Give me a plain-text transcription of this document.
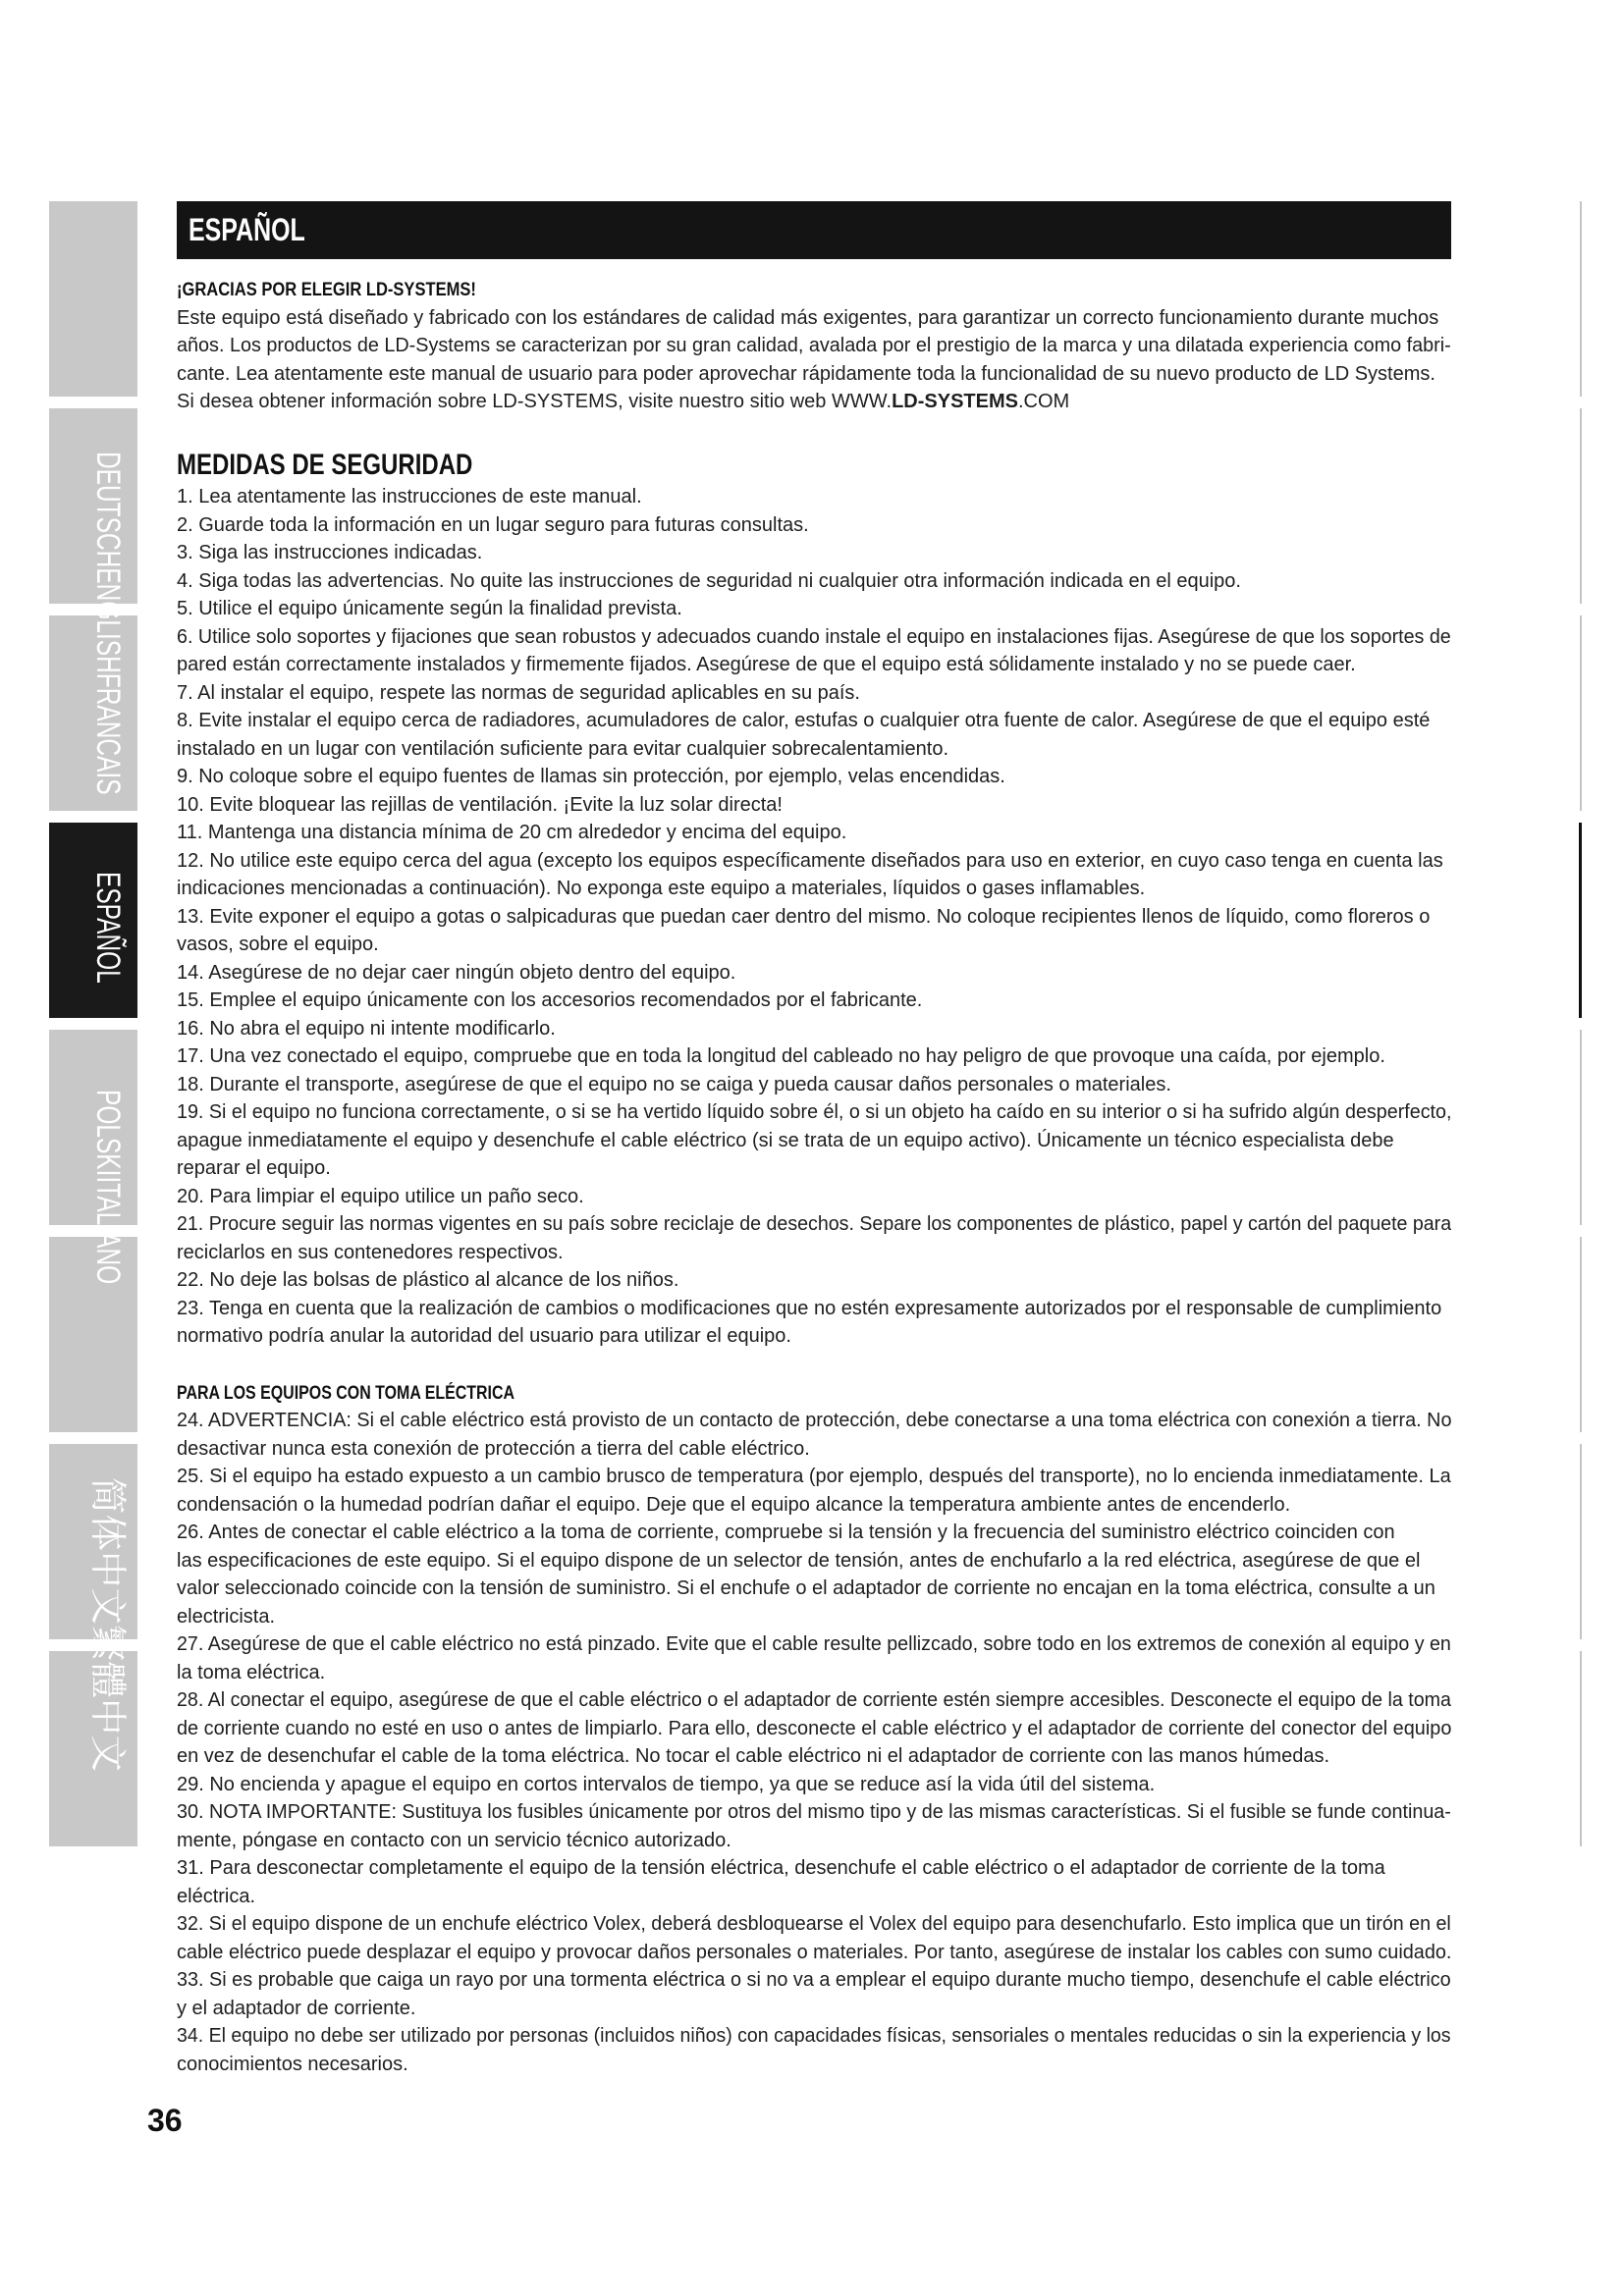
DEUTSCHENGLISHFRANCAIS
ESPAÑOL
POLSKIITALIANO
简体中文繁體中文
ESPAÑOL
¡GRACIAS POR ELEGIR LD-SYSTEMS!
Este equipo está diseñado y fabricado con los estándares de calidad más exigentes, para garantizar un correcto funcionamiento durante muchos
años. Los productos de LD-Systems se caracterizan por su gran calidad, avalada por el prestigio de la marca y una dilatada experiencia como fabri-
cante. Lea atentamente este manual de usuario para poder aprovechar rápidamente toda la funcionalidad de su nuevo producto de LD Systems.
Si desea obtener información sobre LD-SYSTEMS, visite nuestro sitio web WWW.LD-SYSTEMS.COM
MEDIDAS DE SEGURIDAD
1. Lea atentamente las instrucciones de este manual.
2. Guarde toda la información en un lugar seguro para futuras consultas.
3. Siga las instrucciones indicadas.
4. Siga todas las advertencias. No quite las instrucciones de seguridad ni cualquier otra información indicada en el equipo.
5. Utilice el equipo únicamente según la finalidad prevista.
6. Utilice solo soportes y fijaciones que sean robustos y adecuados cuando instale el equipo en instalaciones fijas. Asegúrese de que los soportes de
pared están correctamente instalados y firmemente fijados. Asegúrese de que el equipo está sólidamente instalado y no se puede caer.
7. Al instalar el equipo, respete las normas de seguridad aplicables en su país.
8. Evite instalar el equipo cerca de radiadores, acumuladores de calor, estufas o cualquier otra fuente de calor. Asegúrese de que el equipo esté
instalado en un lugar con ventilación suficiente para evitar cualquier sobrecalentamiento.
9. No coloque sobre el equipo fuentes de llamas sin protección, por ejemplo, velas encendidas.
10. Evite bloquear las rejillas de ventilación. ¡Evite la luz solar directa!
11. Mantenga una distancia mínima de 20 cm alrededor y encima del equipo.
12. No utilice este equipo cerca del agua (excepto los equipos específicamente diseñados para uso en exterior, en cuyo caso tenga en cuenta las
indicaciones mencionadas a continuación). No exponga este equipo a materiales, líquidos o gases inflamables.
13. Evite exponer el equipo a gotas o salpicaduras que puedan caer dentro del mismo. No coloque recipientes llenos de líquido, como floreros o
vasos, sobre el equipo.
14. Asegúrese de no dejar caer ningún objeto dentro del equipo.
15. Emplee el equipo únicamente con los accesorios recomendados por el fabricante.
16. No abra el equipo ni intente modificarlo.
17. Una vez conectado el equipo, compruebe que en toda la longitud del cableado no hay peligro de que provoque una caída, por ejemplo.
18. Durante el transporte, asegúrese de que el equipo no se caiga y pueda causar daños personales o materiales.
19. Si el equipo no funciona correctamente, o si se ha vertido líquido sobre él, o si un objeto ha caído en su interior o si ha sufrido algún desperfecto,
apague inmediatamente el equipo y desenchufe el cable eléctrico (si se trata de un equipo activo). Únicamente un técnico especialista debe
reparar el equipo.
20. Para limpiar el equipo utilice un paño seco.
21. Procure seguir las normas vigentes en su país sobre reciclaje de desechos. Separe los componentes de plástico, papel y cartón del paquete para
reciclarlos en sus contenedores respectivos.
22. No deje las bolsas de plástico al alcance de los niños.
23. Tenga en cuenta que la realización de cambios o modificaciones que no estén expresamente autorizados por el responsable de cumplimiento
normativo podría anular la autoridad del usuario para utilizar el equipo.
PARA LOS EQUIPOS CON TOMA ELÉCTRICA
24. ADVERTENCIA: Si el cable eléctrico está provisto de un contacto de protección, debe conectarse a una toma eléctrica con conexión a tierra. No
desactivar nunca esta conexión de protección a tierra del cable eléctrico.
25. Si el equipo ha estado expuesto a un cambio brusco de temperatura (por ejemplo, después del transporte), no lo encienda inmediatamente. La
condensación o la humedad podrían dañar el equipo. Deje que el equipo alcance la temperatura ambiente antes de encenderlo.
26. Antes de conectar el cable eléctrico a la toma de corriente, compruebe si la tensión y la frecuencia del suministro eléctrico coinciden con
las especificaciones de este equipo. Si el equipo dispone de un selector de tensión, antes de enchufarlo a la red eléctrica, asegúrese de que el
valor seleccionado coincide con la tensión de suministro. Si el enchufe o el adaptador de corriente no encajan en la toma eléctrica, consulte a un
electricista.
27. Asegúrese de que el cable eléctrico no está pinzado. Evite que el cable resulte pellizcado, sobre todo en los extremos de conexión al equipo y en
la toma eléctrica.
28. Al conectar el equipo, asegúrese de que el cable eléctrico o el adaptador de corriente estén siempre accesibles. Desconecte el equipo de la toma
de corriente cuando no esté en uso o antes de limpiarlo. Para ello, desconecte el cable eléctrico y el adaptador de corriente del conector del equipo
en vez de desenchufar el cable de la toma eléctrica. No tocar el cable eléctrico ni el adaptador de corriente con las manos húmedas.
29. No encienda y apague el equipo en cortos intervalos de tiempo, ya que se reduce así la vida útil del sistema.
30. NOTA IMPORTANTE: Sustituya los fusibles únicamente por otros del mismo tipo y de las mismas características. Si el fusible se funde continua-
mente, póngase en contacto con un servicio técnico autorizado.
31. Para desconectar completamente el equipo de la tensión eléctrica, desenchufe el cable eléctrico o el adaptador de corriente de la toma
eléctrica.
32. Si el equipo dispone de un enchufe eléctrico Volex, deberá desbloquearse el Volex del equipo para desenchufarlo. Esto implica que un tirón en el
cable eléctrico puede desplazar el equipo y provocar daños personales o materiales. Por tanto, asegúrese de instalar los cables con sumo cuidado.
33. Si es probable que caiga un rayo por una tormenta eléctrica o si no va a emplear el equipo durante mucho tiempo, desenchufe el cable eléctrico
y el adaptador de corriente.
34. El equipo no debe ser utilizado por personas (incluidos niños) con capacidades físicas, sensoriales o mentales reducidas o sin la experiencia y los
conocimientos necesarios.
36
